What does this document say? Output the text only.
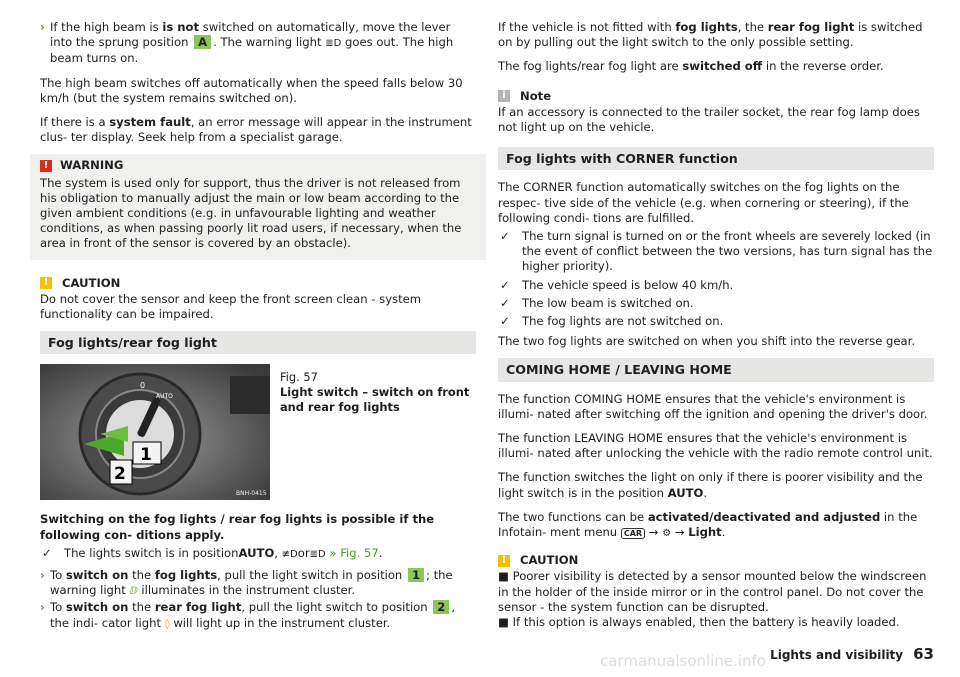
› If the high beam is is not switched on automatically, move the lever into the sprung position A . The warning light ≣D goes out. The high beam turns on.

The high beam switches off automatically when the speed falls below 30 km/h (but the system remains switched on).

If there is a system fault, an error message will appear in the instrument clus- ter display. Seek help from a specialist garage.

!	WARNING
The system is used only for support, thus the driver is not released from his obligation to manually adjust the main or low beam according to the given ambient conditions (e.g. in unfavourable lighting and weather conditions, as when passing poorly lit road users, if necessary, when the area in front of the sensor is covered by an obstacle).
!	CAUTION

Do not cover the sensor and keep the front screen clean - system functionality can be impaired.

Fog lights/rear fog light
0
AUTO
1
2
BNH-0415
Fig. 57
Light switch – switch on front and rear fog lights

Switching on the fog lights / rear fog lights is possible if the following con- ditions apply.

✓ The lights switch is in positionAUTO, ≢Dor≣D » Fig. 57.

› To switch on the fog lights, pull the light switch in position 1 ; the warning light ⅅ illuminates in the instrument cluster.

› To switch on the rear fog light, pull the light switch to position 2 , the indi- cator light ◊ will light up in the instrument cluster.

If the vehicle is not fitted with fog lights, the rear fog light is switched on by pulling out the light switch to the only possible setting.

The fog lights/rear fog light are switched off in the reverse order.

i	Note

If an accessory is connected to the trailer socket, the rear fog lamp does not light up on the vehicle.

Fog lights with CORNER function

The CORNER function automatically switches on the fog lights on the respec- tive side of the vehicle (e.g. when cornering or steering), if the following condi- tions are fulfilled.

✓ The turn signal is turned on or the front wheels are severely locked (in the event of conflict between the two versions, has turn signal has the higher priority).
✓ The vehicle speed is below 40 km/h.
✓ The low beam is switched on.
✓ The fog lights are not switched on.

The two fog lights are switched on when you shift into the reverse gear.

COMING HOME / LEAVING HOME

The function COMING HOME ensures that the vehicle's environment is illumi- nated after switching off the ignition and opening the driver's door.

The function LEAVING HOME ensures that the vehicle's environment is illumi- nated after unlocking the vehicle with the radio remote control unit.

The function switches the light on only if there is poorer visibility and the light switch is in the position AUTO.

The two functions can be activated/deactivated and adjusted in the Infotain- ment menu CAR → ⚙ → Light.

!	CAUTION

■ Poorer visibility is detected by a sensor mounted below the windscreen in the holder of the inside mirror or in the control panel. Do not cover the sensor - the system function can be disrupted.

■ If this option is always enabled, then the battery is heavily loaded.

carmanualsonline.info Lights and visibility 63
